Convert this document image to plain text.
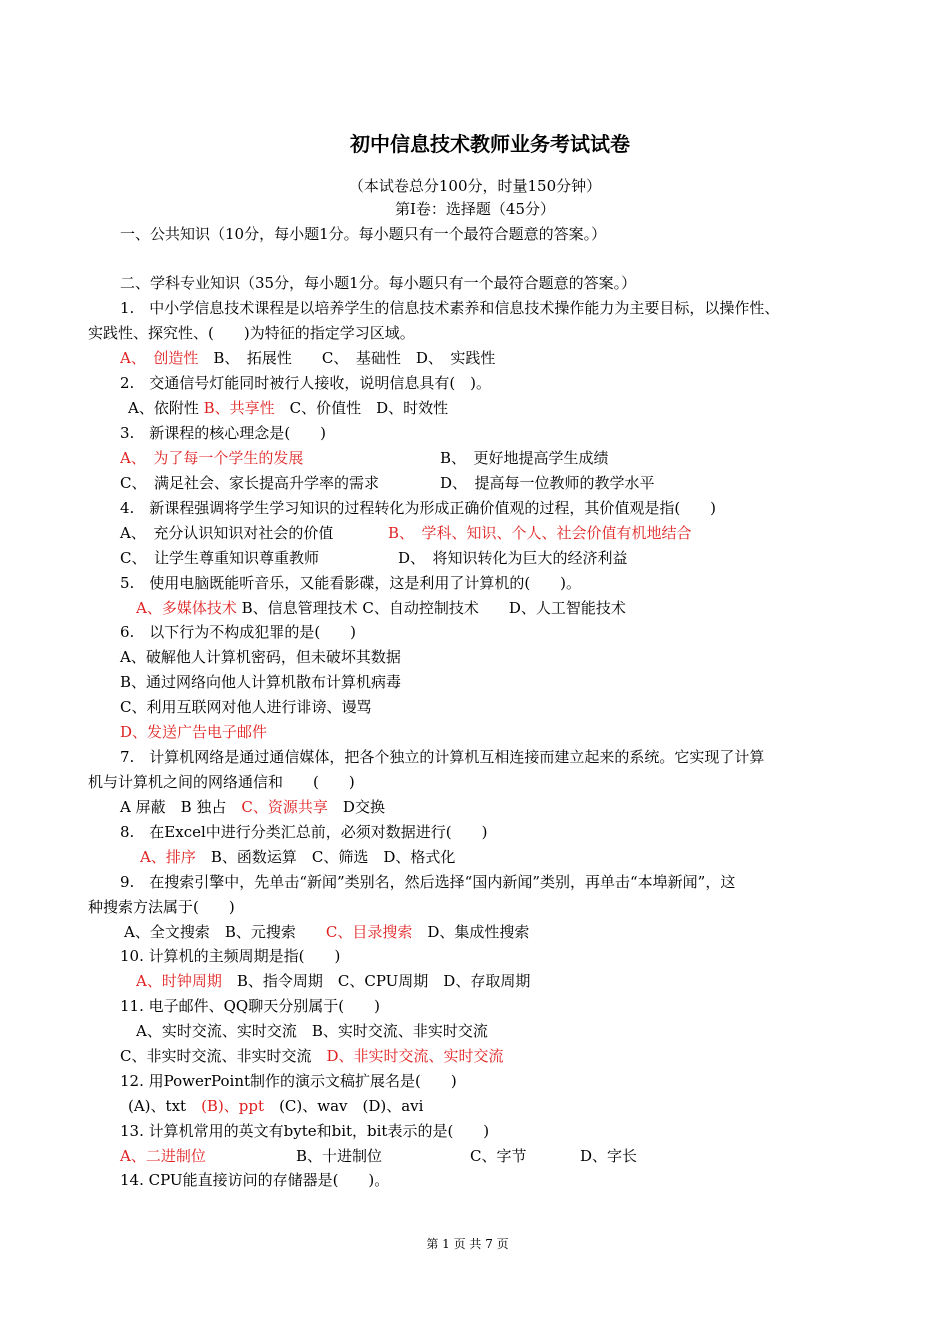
初中信息技术教师业务考试试卷
（本试卷总分100分，时量150分钟）
第Ⅰ卷：选择题（45分）
一、公共知识（10分，每小题1分。每小题只有一个最符合题意的答案。）
二、学科专业知识（35分，每小题1分。每小题只有一个最符合题意的答案。）
1.　中小学信息技术课程是以培养学生的信息技术素养和信息技术操作能力为主要目标，以操作性、
实践性、探究性、(　　)为特征的指定学习区域。
A、　创造性　B、　拓展性　　C、　基础性　D、　实践性
2.　交通信号灯能同时被行人接收，说明信息具有(　)。
A、依附性 B、共享性　 C、价值性　D、时效性
3.　新课程的核心理念是(　　)
A、　为了每一个学生的发展	B、　更好地提高学生成绩
C、　满足社会、家长提高升学率的需求	D、　提高每一位教师的教学水平
4.　新课程强调将学生学习知识的过程转化为形成正确价值观的过程，其价值观是指(　　)
A、　充分认识知识对社会的价值	B、　学科、知识、个人、社会价值有机地结合
C、　让学生尊重知识尊重教师	D、　将知识转化为巨大的经济利益
5.　使用电脑既能听音乐，又能看影碟，这是利用了计算机的(　　)。
A、多媒体技术 B、信息管理技术 C、自动控制技术　　D、人工智能技术
6.　以下行为不构成犯罪的是(　　)
A、破解他人计算机密码，但未破坏其数据
B、通过网络向他人计算机散布计算机病毒
C、利用互联网对他人进行诽谤、谩骂
D、发送广告电子邮件
7.　计算机网络是通过通信媒体，把各个独立的计算机互相连接而建立起来的系统。它实现了计算
机与计算机之间的网络通信和　　(　　)
A 屏蔽　B 独占　 C、资源共享　 D交换
8.　在Excel中进行分类汇总前，必须对数据进行(　　)
A、排序　 B、函数运算　C、筛选　D、格式化
9.　在搜索引擎中，先单击“新闻”类别名，然后选择“国内新闻”类别，再单击“本埠新闻”，这
种搜索方法属于(　　)
A、全文搜索　B、元搜索　　 C、目录搜索　 D、集成性搜索
10. 计算机的主频周期是指(　　)
A、时钟周期　 B、指令周期　C、CPU周期　D、存取周期
11. 电子邮件、QQ聊天分别属于(　　)
A、实时交流、实时交流　B、实时交流、非实时交流
C、非实时交流、非实时交流　 D、非实时交流、实时交流
12. 用PowerPoint制作的演示文稿扩展名是(　　)
(A)、txt　 (B)、ppt　 (C)、wav　(D)、avi
13. 计算机常用的英文有byte和bit，bit表示的是(　　)
A、二进制位	B、十进制位	C、字节	D、字长
14. CPU能直接访问的存储器是(　　)。
第 1 页 共 7 页
